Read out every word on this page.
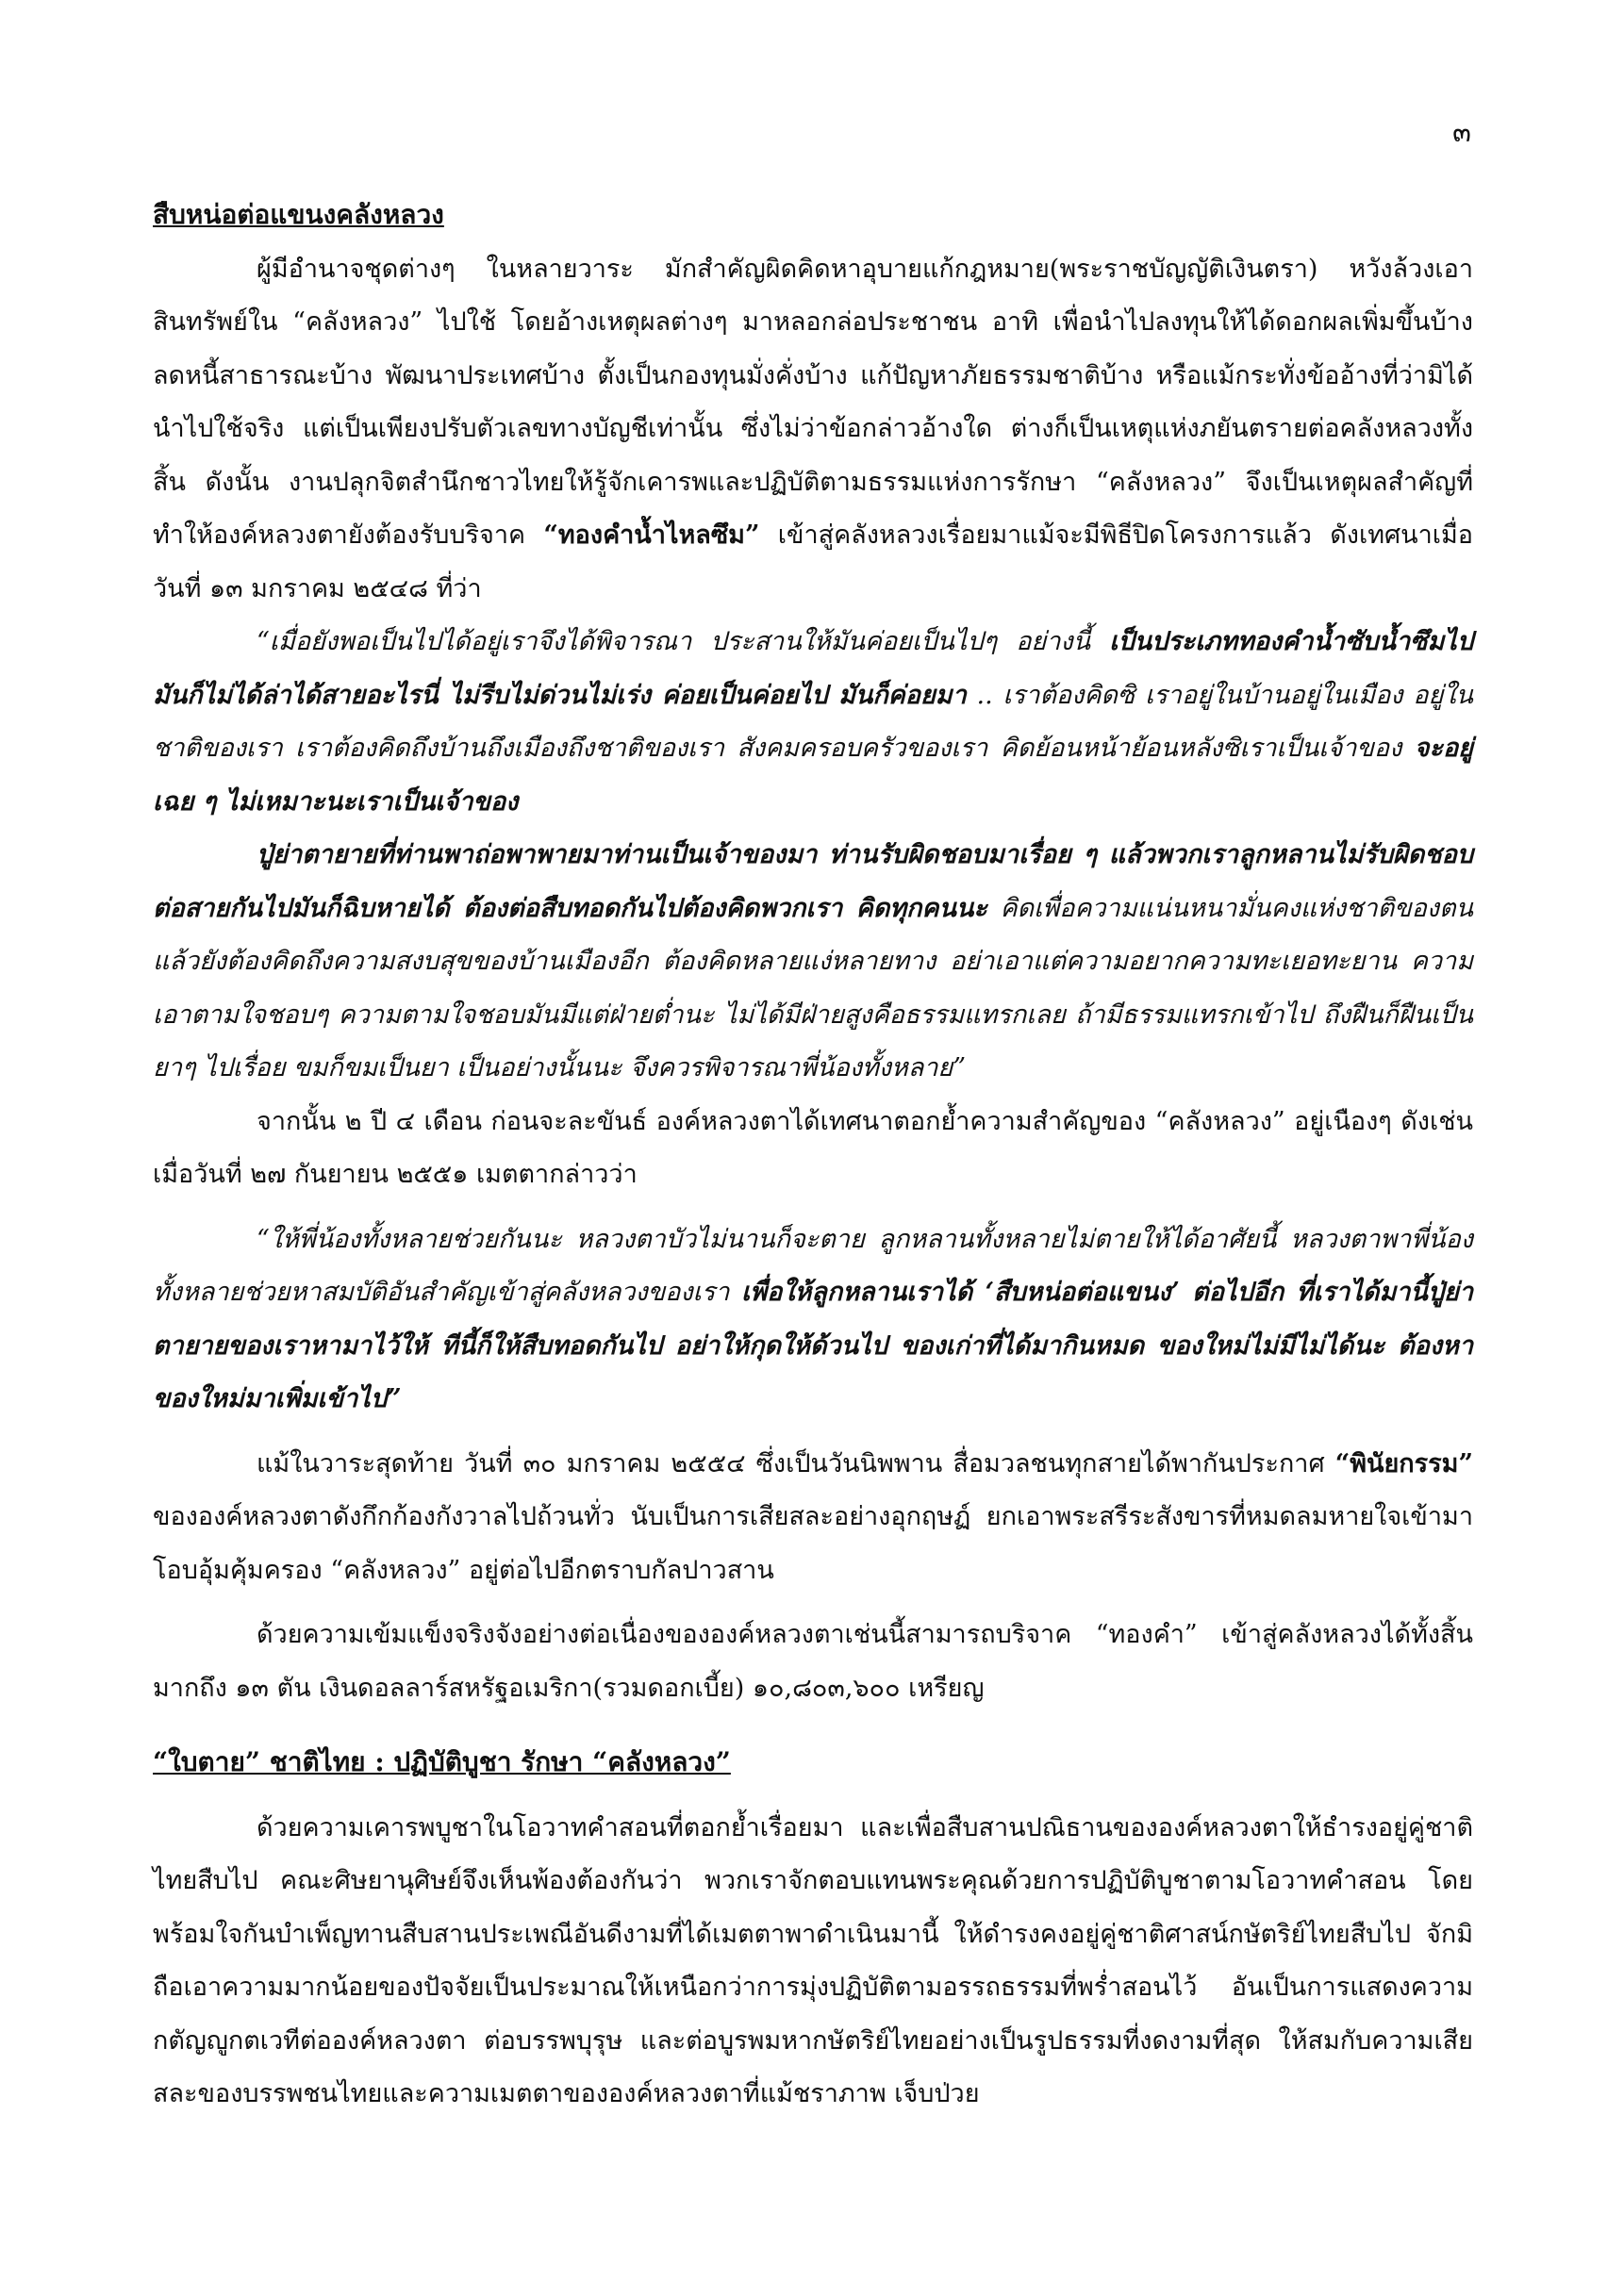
๓
สืบหน่อต่อแขนงคลังหลวง

ผู้มีอำนาจชุดต่างๆ ในหลายวาระ มักสำคัญผิดคิดหาอุบายแก้กฎหมาย(พระราชบัญญัติเงินตรา) หวังล้วงเอาสินทรัพย์ใน “คลังหลวง” ไปใช้ โดยอ้างเหตุผลต่างๆ มาหลอกล่อประชาชน อาทิ เพื่อนำไปลงทุนให้ได้ดอกผลเพิ่มขึ้นบ้าง ลดหนี้สาธารณะบ้าง พัฒนาประเทศบ้าง ตั้งเป็นกองทุนมั่งคั่งบ้าง แก้ปัญหาภัยธรรมชาติบ้าง หรือแม้กระทั่งข้ออ้างที่ว่ามิได้นำไปใช้จริง แต่เป็นเพียงปรับตัวเลขทางบัญชีเท่านั้น ซึ่งไม่ว่าข้อกล่าวอ้างใด ต่างก็เป็นเหตุแห่งภยันตรายต่อคลังหลวงทั้งสิ้น ดังนั้น งานปลุกจิตสำนึกชาวไทยให้รู้จักเคารพและปฏิบัติตามธรรมแห่งการรักษา “คลังหลวง” จึงเป็นเหตุผลสำคัญที่ทำให้องค์หลวงตายังต้องรับบริจาค “ทองคำน้ำไหลซึม” เข้าสู่คลังหลวงเรื่อยมาแม้จะมีพิธีปิดโครงการแล้ว ดังเทศนาเมื่อวันที่ ๑๓ มกราคม ๒๕๔๘ ที่ว่า

“เมื่อยังพอเป็นไปได้อยู่เราจึงได้พิจารณา ประสานให้มันค่อยเป็นไปๆ อย่างนี้ เป็นประเภททองคำน้ำซับน้ำซึมไป มันก็ไม่ได้ล่าได้สายอะไรนี่ ไม่รีบไม่ด่วนไม่เร่ง ค่อยเป็นค่อยไป มันก็ค่อยมา .. เราต้องคิดซิ เราอยู่ในบ้านอยู่ในเมือง อยู่ในชาติของเรา เราต้องคิดถึงบ้านถึงเมืองถึงชาติของเรา สังคมครอบครัวของเรา คิดย้อนหน้าย้อนหลังซิเราเป็นเจ้าของ จะอยู่เฉย ๆ ไม่เหมาะนะเราเป็นเจ้าของ

ปู่ย่าตายายที่ท่านพาถ่อพาพายมาท่านเป็นเจ้าของมา ท่านรับผิดชอบมาเรื่อย ๆ แล้วพวกเราลูกหลานไม่รับผิดชอบต่อสายกันไปมันก็ฉิบหายได้ ต้องต่อสืบทอดกันไปต้องคิดพวกเรา คิดทุกคนนะ คิดเพื่อความแน่นหนามั่นคงแห่งชาติของตน แล้วยังต้องคิดถึงความสงบสุขของบ้านเมืองอีก ต้องคิดหลายแง่หลายทาง อย่าเอาแต่ความอยากความทะเยอทะยาน ความเอาตามใจชอบๆ ความตามใจชอบมันมีแต่ฝ่ายต่ำนะ ไม่ได้มีฝ่ายสูงคือธรรมแทรกเลย ถ้ามีธรรมแทรกเข้าไป ถึงฝืนก็ฝืนเป็นยาๆ ไปเรื่อย ขมก็ขมเป็นยา เป็นอย่างนั้นนะ จึงควรพิจารณาพี่น้องทั้งหลาย”

จากนั้น ๒ ปี ๔ เดือน ก่อนจะละขันธ์ องค์หลวงตาได้เทศนาตอกย้ำความสำคัญของ “คลังหลวง” อยู่เนืองๆ ดังเช่นเมื่อวันที่ ๒๗ กันยายน ๒๕๕๑ เมตตากล่าวว่า

“ให้พี่น้องทั้งหลายช่วยกันนะ หลวงตาบัวไม่นานก็จะตาย ลูกหลานทั้งหลายไม่ตายให้ได้อาศัยนี้ หลวงตาพาพี่น้องทั้งหลายช่วยหาสมบัติอันสำคัญเข้าสู่คลังหลวงของเรา เพื่อให้ลูกหลานเราได้ ‘สืบหน่อต่อแขนง’ ต่อไปอีก ที่เราได้มานี้ปู่ย่าตายายของเราหามาไว้ให้ ทีนี้ก็ให้สืบทอดกันไป อย่าให้กุดให้ด้วนไป ของเก่าที่ได้มากินหมด ของใหม่ไม่มีไม่ได้นะ ต้องหาของใหม่มาเพิ่มเข้าไป”

แม้ในวาระสุดท้าย วันที่ ๓๐ มกราคม ๒๕๕๔ ซึ่งเป็นวันนิพพาน สื่อมวลชนทุกสายได้พากันประกาศ “พินัยกรรม” ขององค์หลวงตาดังกึกก้องกังวาลไปถ้วนทั่ว นับเป็นการเสียสละอย่างอุกฤษฏ์ ยกเอาพระสรีระสังขารที่หมดลมหายใจเข้ามาโอบอุ้มคุ้มครอง “คลังหลวง” อยู่ต่อไปอีกตราบกัลปาวสาน

ด้วยความเข้มแข็งจริงจังอย่างต่อเนื่องขององค์หลวงตาเช่นนี้สามารถบริจาค “ทองคำ” เข้าสู่คลังหลวงได้ทั้งสิ้นมากถึง ๑๓ ตัน เงินดอลลาร์สหรัฐอเมริกา(รวมดอกเบี้ย) ๑๐,๘๐๓,๖๐๐ เหรียญ

“ใบตาย” ชาติไทย : ปฏิบัติบูชา รักษา “คลังหลวง”

ด้วยความเคารพบูชาในโอวาทคำสอนที่ตอกย้ำเรื่อยมา และเพื่อสืบสานปณิธานขององค์หลวงตาให้ธำรงอยู่คู่ชาติไทยสืบไป คณะศิษยานุศิษย์จึงเห็นพ้องต้องกันว่า พวกเราจักตอบแทนพระคุณด้วยการปฏิบัติบูชาตามโอวาทคำสอน โดยพร้อมใจกันบำเพ็ญทานสืบสานประเพณีอันดีงามที่ได้เมตตาพาดำเนินมานี้ ให้ดำรงคงอยู่คู่ชาติศาสน์กษัตริย์ไทยสืบไป จักมิถือเอาความมากน้อยของปัจจัยเป็นประมาณให้เหนือกว่าการมุ่งปฏิบัติตามอรรถธรรมที่พร่ำสอนไว้ อันเป็นการแสดงความกตัญญูกตเวทีต่อองค์หลวงตา ต่อบรรพบุรุษ และต่อบูรพมหากษัตริย์ไทยอย่างเป็นรูปธรรมที่งดงามที่สุด ให้สมกับความเสียสละของบรรพชนไทยและความเมตตาขององค์หลวงตาที่แม้ชราภาพ เจ็บป่วย
